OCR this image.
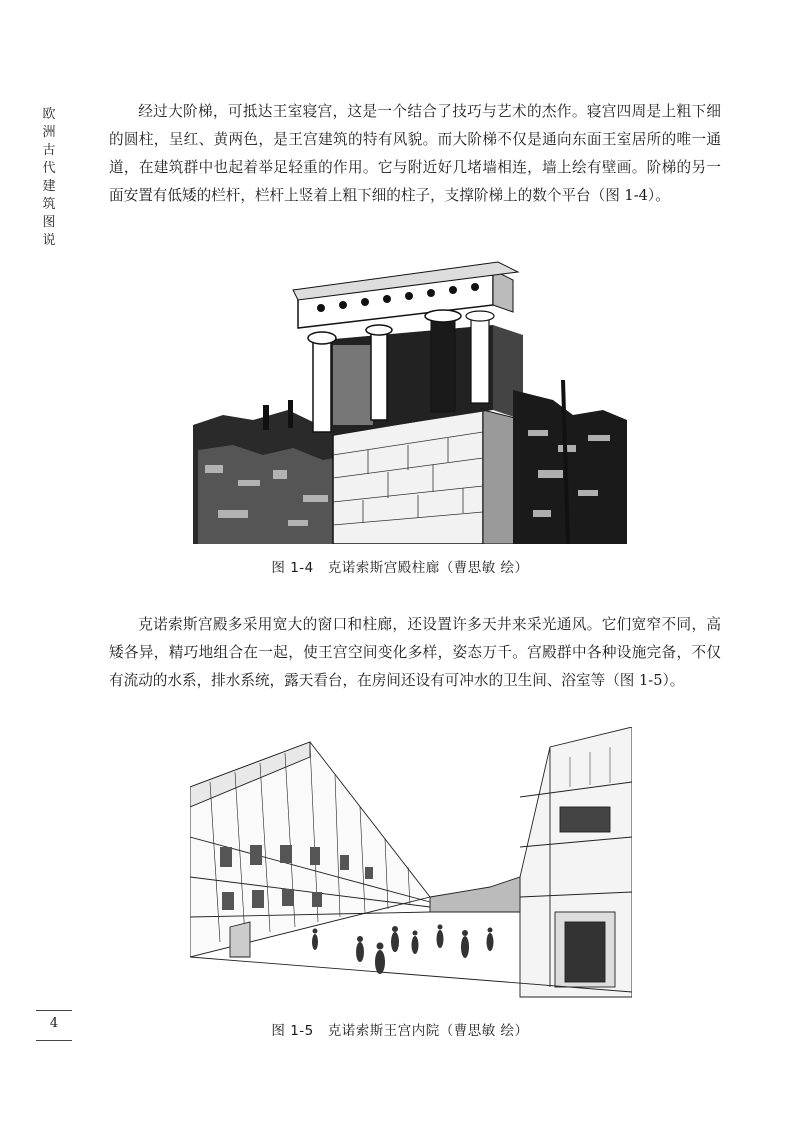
欧
洲
古
代
建
筑
图
说

经过大阶梯，可抵达王室寝宫，这是一个结合了技巧与艺术的杰作。寝宫四周是上粗下细的圆柱，呈红、黄两色，是王宫建筑的特有风貌。而大阶梯不仅是通向东面王室居所的唯一通道，在建筑群中也起着举足轻重的作用。它与附近好几堵墙相连，墙上绘有壁画。阶梯的另一面安置有低矮的栏杆，栏杆上竖着上粗下细的柱子，支撑阶梯上的数个平台（图 1-4）。

图 1-4　克诺索斯宫殿柱廊（曹思敏 绘）

克诺索斯宫殿多采用宽大的窗口和柱廊，还设置许多天井来采光通风。它们宽窄不同，高矮各异，精巧地组合在一起，使王宫空间变化多样，姿态万千。宫殿群中各种设施完备，不仅有流动的水系，排水系统，露天看台，在房间还设有可冲水的卫生间、浴室等（图 1-5）。

图 1-5　克诺索斯王宫内院（曹思敏 绘）
4
